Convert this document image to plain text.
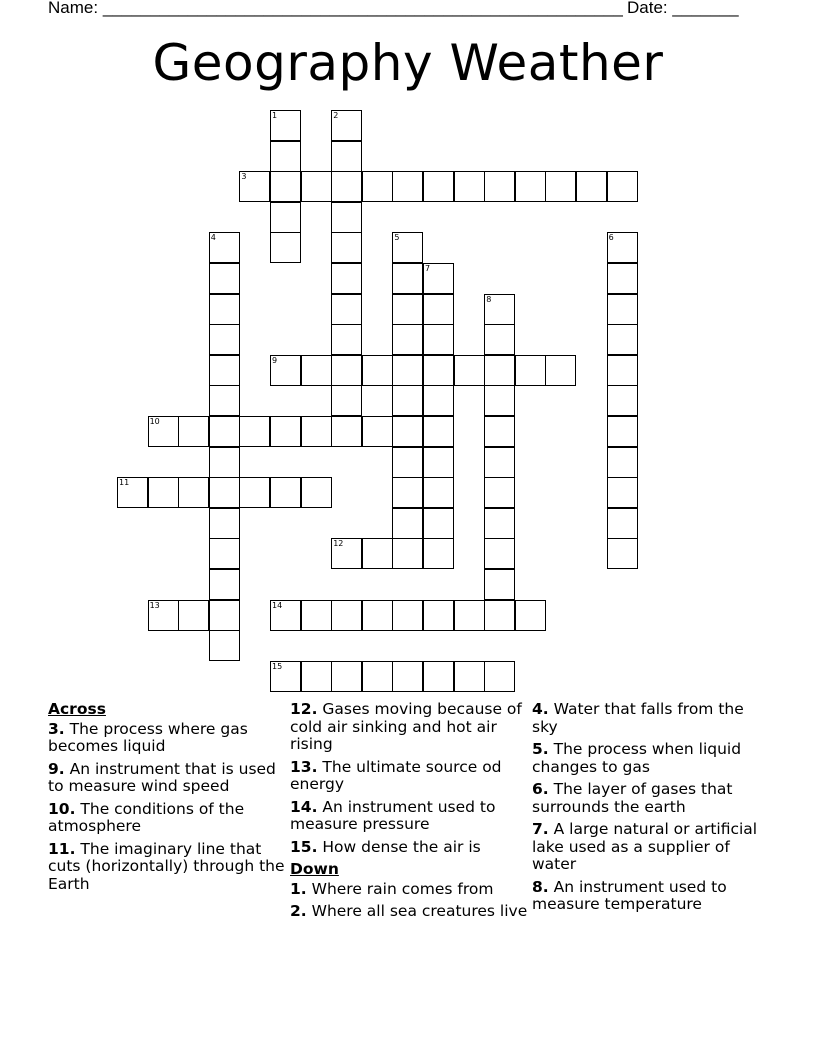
Name: _______________________________________________________ Date: _______
Geography Weather
1	2
3
4	5	6
7
8
9
10
11
12
13	14
15
Across
3. The process where gas becomes liquid
9. An instrument that is used to measure wind speed
10. The conditions of the atmosphere
11. The imaginary line that cuts (horizontally) through the Earth
12. Gases moving because of cold air sinking and hot air rising
13. The ultimate source od energy
14. An instrument used to measure pressure
15. How dense the air is
Down
1. Where rain comes from
2. Where all sea creatures live
4. Water that falls from the sky
5. The process when liquid changes to gas
6. The layer of gases that surrounds the earth
7. A large natural or artificial lake used as a supplier of water
8. An instrument used to measure temperature
